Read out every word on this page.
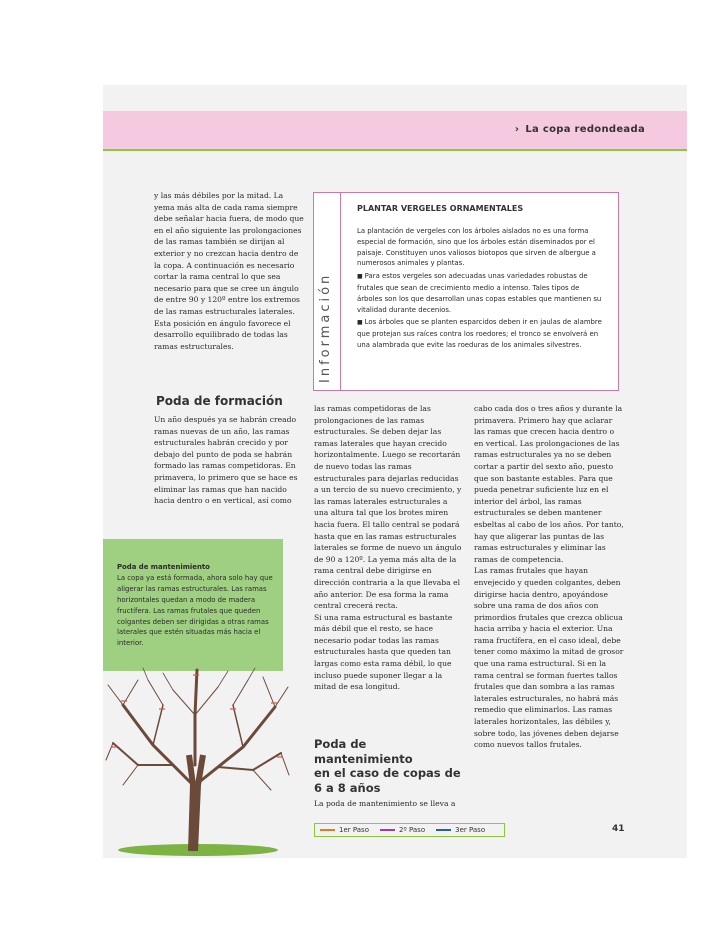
› La copa redondeada

y las más débiles por la mitad. La yema más alta de cada rama siempre debe señalar hacia fuera, de modo que en el año siguiente las prolongaciones de las ramas también se dirijan al exterior y no crezcan hacia dentro de la copa. A continuación es necesario cortar la rama central lo que sea necesario para que se cree un ángulo de entre 90 y 120º entre los extremos de las ramas estructurales laterales. Esta posición en ángulo favorece el desarrollo equilibrado de todas las ramas estructurales.	Información
PLANTAR VERGELES ORNAMENTALES

La plantación de vergeles con los árboles aislados no es una forma especial de formación, sino que los árboles están diseminados por el paisaje. Constituyen unos valiosos biotopos que sirven de albergue a numerosos animales y plantas.

■ Para estos vergeles son adecuadas unas variedades robustas de frutales que sean de crecimiento medio a intenso. Tales tipos de árboles son los que desarrollan unas copas estables que mantienen su vitalidad durante decenios.

■ Los árboles que se planten esparcidos deben ir en jaulas de alambre que protejan sus raíces contra los roedores; el tronco se envolverá en una alambrada que evite las roeduras de los animales silvestres.

Poda de formación

Un año después ya se habrán creado ramas nuevas de un año, las ramas estructurales habrán crecido y por debajo del punto de poda se habrán formado las ramas competidoras. En primavera, lo primero que se hace es eliminar las ramas que han nacido hacia dentro o en vertical, así como

las ramas competidoras de las prolongaciones de las ramas estructurales. Se deben dejar las ramas laterales que hayan crecido horizontalmente. Luego se recortarán de nuevo todas las ramas estructurales para dejarlas reducidas a un tercio de su nuevo crecimiento, y las ramas laterales estructurales a una altura tal que los brotes miren hacia fuera. El tallo central se podará hasta que en las ramas estructurales laterales se forme de nuevo un ángulo de 90 a 120º. La yema más alta de la rama central debe dirigirse en dirección contraria a la que llevaba el año anterior. De esa forma la rama central crecerá recta.

Si una rama estructural es bastante más débil que el resto, se hace necesario podar todas las ramas estructurales hasta que queden tan largas como esta rama débil, lo que incluso puede suponer llegar a la mitad de esa longitud.

Poda de
mantenimiento
en el caso de copas de
6 a 8 años

La poda de mantenimiento se lleva a

cabo cada dos o tres años y durante la primavera. Primero hay que aclarar las ramas que crecen hacia dentro o en vertical. Las prolongaciones de las ramas estructurales ya no se deben cortar a partir del sexto año, puesto que son bastante estables. Para que pueda penetrar suficiente luz en el interior del árbol, las ramas estructurales se deben mantener esbeltas al cabo de los años. Por tanto, hay que aligerar las puntas de las ramas estructurales y eliminar las ramas de competencia.

Las ramas frutales que hayan envejecido y queden colgantes, deben dirigirse hacia dentro, apoyándose sobre una rama de dos años con primordios frutales que crezca oblicua hacia arriba y hacia el exterior. Una rama fructífera, en el caso ideal, debe tener como máximo la mitad de grosor que una rama estructural. Si en la rama central se forman fuertes tallos frutales que dan sombra a las ramas laterales estructurales, no habrá más remedio que eliminarlos. Las ramas laterales horizontales, las débiles y, sobre todo, las jóvenes deben dejarse como nuevos tallos frutales.

Poda de mantenimiento
La copa ya está formada, ahora solo hay que aligerar las ramas estructurales. Las ramas horizontales quedan a modo de madera fructífera. Las ramas frutales que queden colgantes deben ser dirigidas a otras ramas laterales que estén situadas más hacia el interior.
1er Paso	2º Paso	3er Paso	41
